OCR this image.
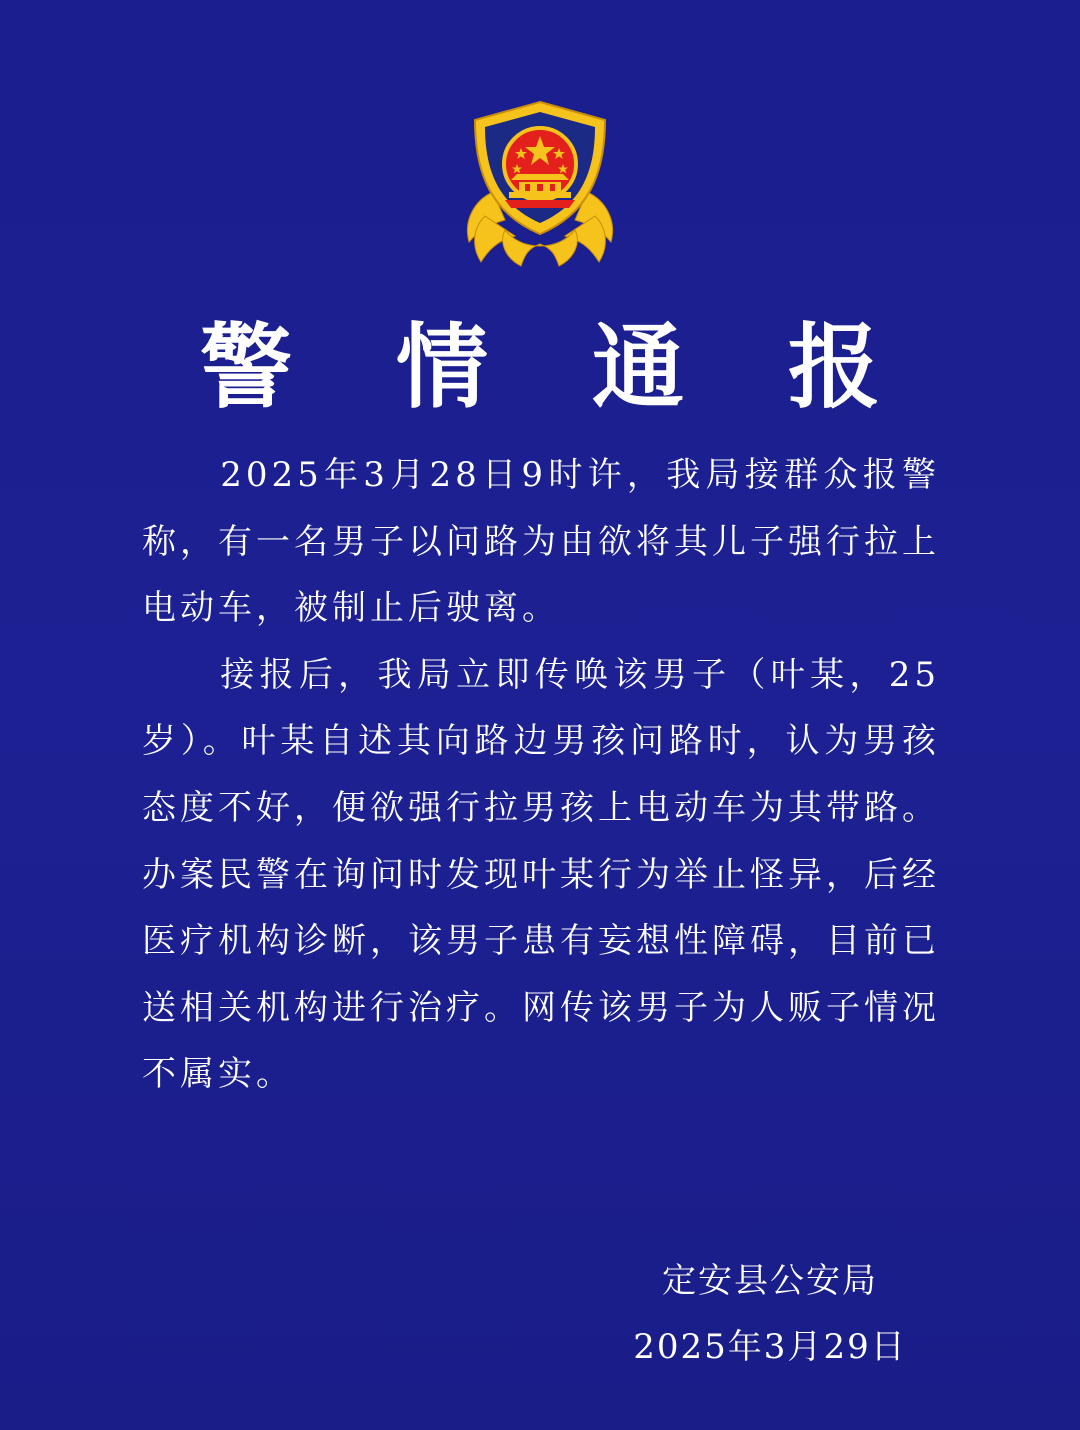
警 情 通 报

2025年3月28日9时许，我局接群众报警称，有一名男子以问路为由欲将其儿子强行拉上电动车，被制止后驶离。

接报后，我局立即传唤该男子（叶某，25岁）。叶某自述其向路边男孩问路时，认为男孩态度不好，便欲强行拉男孩上电动车为其带路。办案民警在询问时发现叶某行为举止怪异，后经医疗机构诊断，该男子患有妄想性障碍，目前已送相关机构进行治疗。网传该男子为人贩子情况不属实。

定安县公安局
2025年3月29日
